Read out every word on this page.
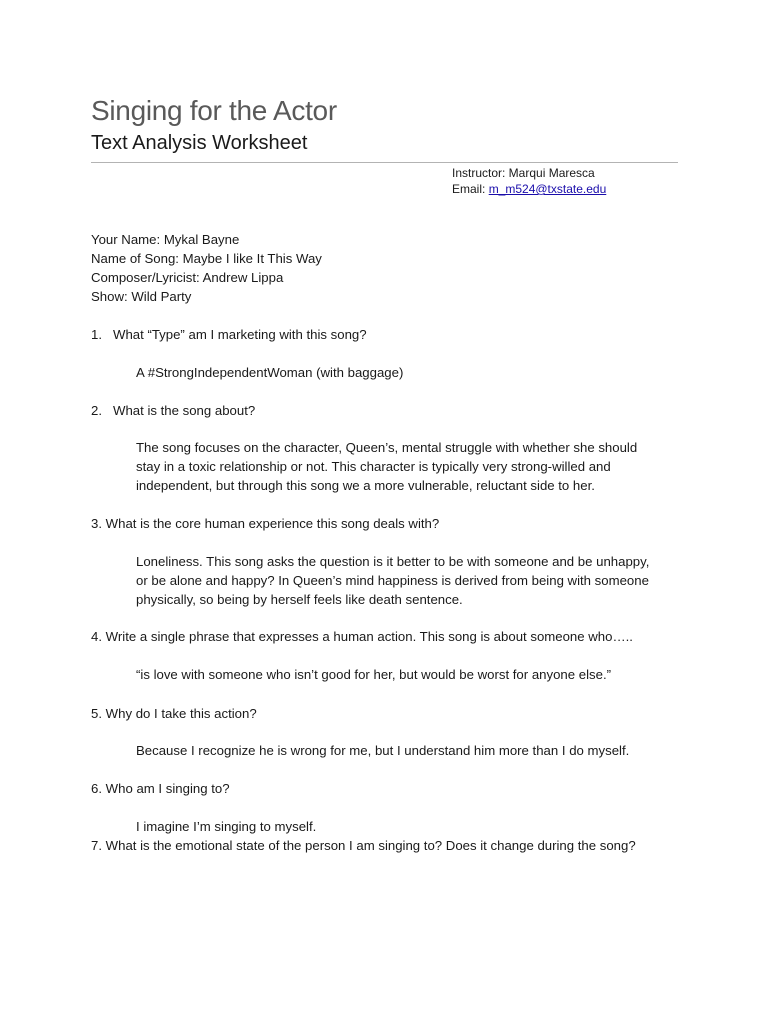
Singing for the Actor
Text Analysis Worksheet
Instructor: Marqui Maresca
Email: m_m524@txstate.edu
Your Name: Mykal Bayne
Name of Song: Maybe I like It This Way
Composer/Lyricist: Andrew Lippa
Show: Wild Party
1. What “Type” am I marketing with this song?
A #StrongIndependentWoman (with baggage)
2. What is the song about?
The song focuses on the character, Queen’s, mental struggle with whether she should
stay in a toxic relationship or not. This character is typically very strong-willed and
independent, but through this song we a more vulnerable, reluctant side to her.
3. What is the core human experience this song deals with?
Loneliness. This song asks the question is it better to be with someone and be unhappy,
or be alone and happy? In Queen’s mind happiness is derived from being with someone
physically, so being by herself feels like death sentence.
4. Write a single phrase that expresses a human action. This song is about someone who…..
“is love with someone who isn’t good for her, but would be worst for anyone else.”
5. Why do I take this action?
Because I recognize he is wrong for me, but I understand him more than I do myself.
6. Who am I singing to?
I imagine I’m singing to myself.
7. What is the emotional state of the person I am singing to? Does it change during the song?
